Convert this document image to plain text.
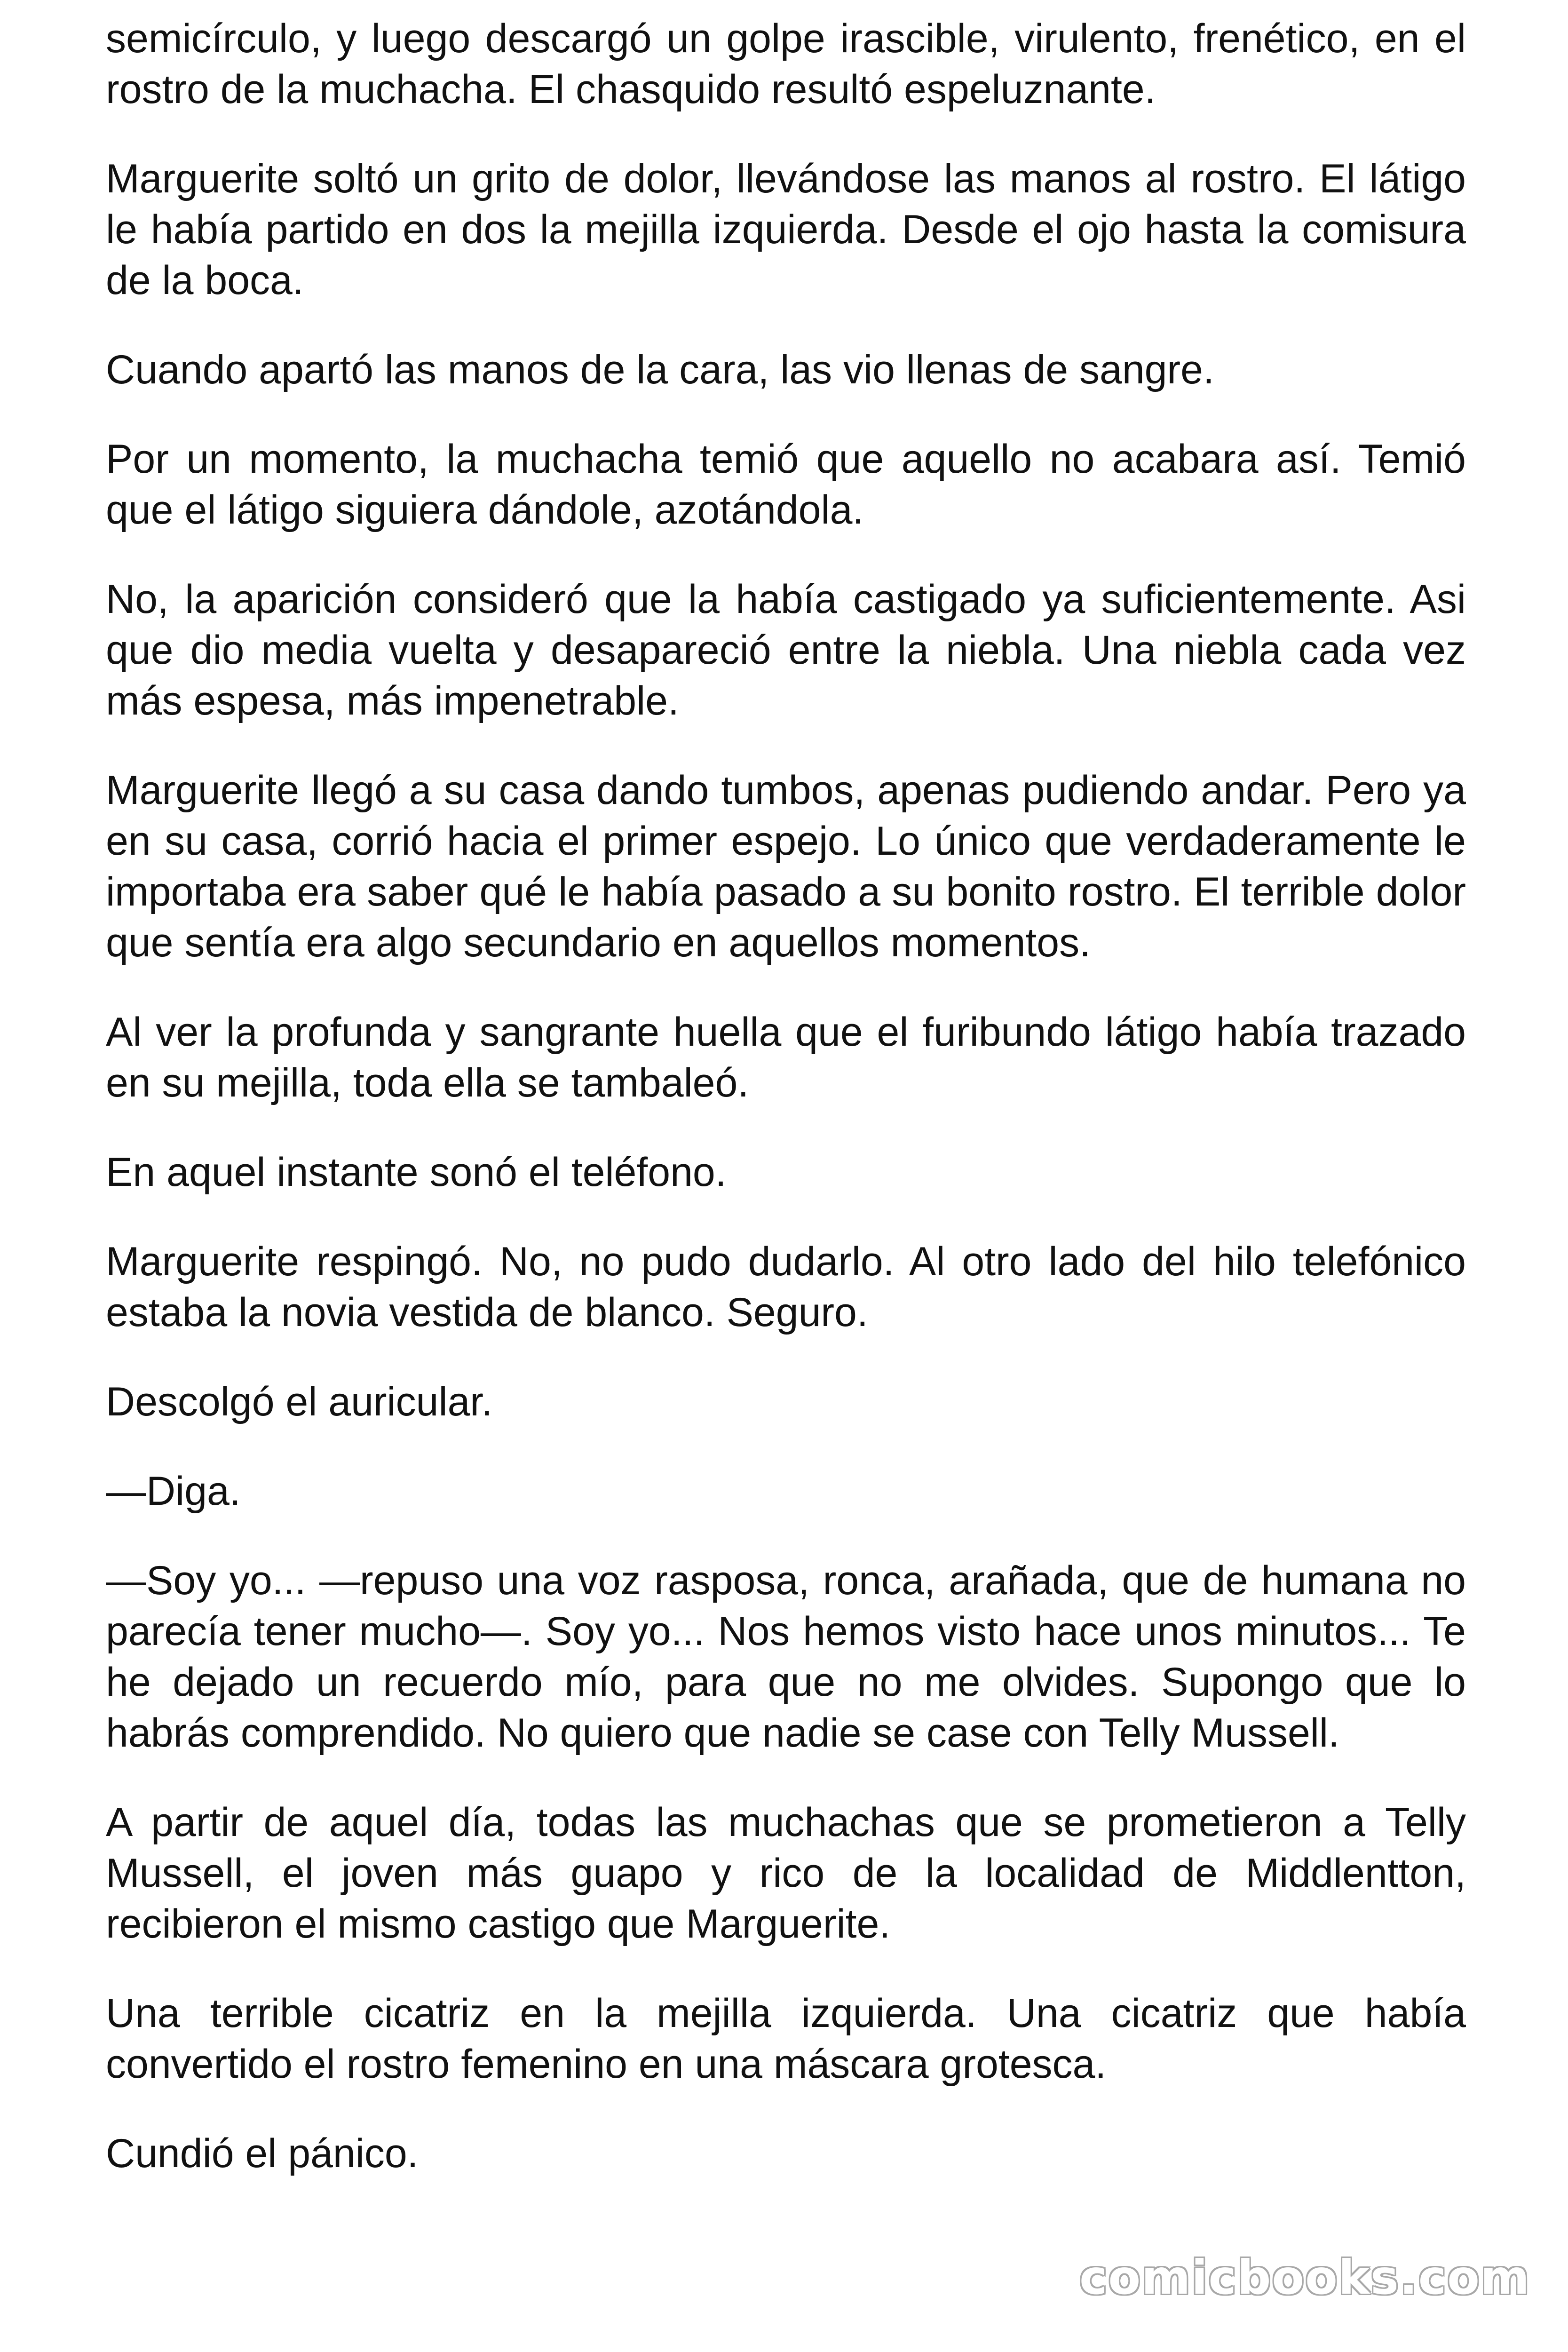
semicírculo, y luego descargó un golpe irascible, virulento, frenético, en el rostro de la muchacha. El chasquido resultó espeluznante.

Marguerite soltó un grito de dolor, llevándose las manos al rostro. El látigo le había partido en dos la mejilla izquierda. Desde el ojo hasta la comisura de la boca.

Cuando apartó las manos de la cara, las vio llenas de sangre.

Por un momento, la muchacha temió que aquello no acabara así. Temió que el látigo siguiera dándole, azotándola.

No, la aparición consideró que la había castigado ya suficientemente. Asi que dio media vuelta y desapareció entre la niebla. Una niebla cada vez más espesa, más impenetrable.

Marguerite llegó a su casa dando tumbos, apenas pudiendo andar. Pero ya en su casa, corrió hacia el primer espejo. Lo único que verdaderamente le importaba era saber qué le había pasado a su bonito rostro. El terrible dolor que sentía era algo secundario en aquellos momentos.

Al ver la profunda y sangrante huella que el furibundo látigo había trazado en su mejilla, toda ella se tambaleó.

En aquel instante sonó el teléfono.

Marguerite respingó. No, no pudo dudarlo. Al otro lado del hilo telefónico estaba la novia vestida de blanco. Seguro.

Descolgó el auricular.

—Diga.

—Soy yo... —repuso una voz rasposa, ronca, arañada, que de humana no parecía tener mucho—. Soy yo... Nos hemos visto hace unos minutos... Te he dejado un recuerdo mío, para que no me olvides. Supongo que lo habrás comprendido. No quiero que nadie se case con Telly Mussell.

A partir de aquel día, todas las muchachas que se prometieron a Telly Mussell, el joven más guapo y rico de la localidad de Middlentton, recibieron el mismo castigo que Marguerite.

Una terrible cicatriz en la mejilla izquierda. Una cicatriz que había convertido el rostro femenino en una máscara grotesca.

Cundió el pánico.

comicbooks.com
